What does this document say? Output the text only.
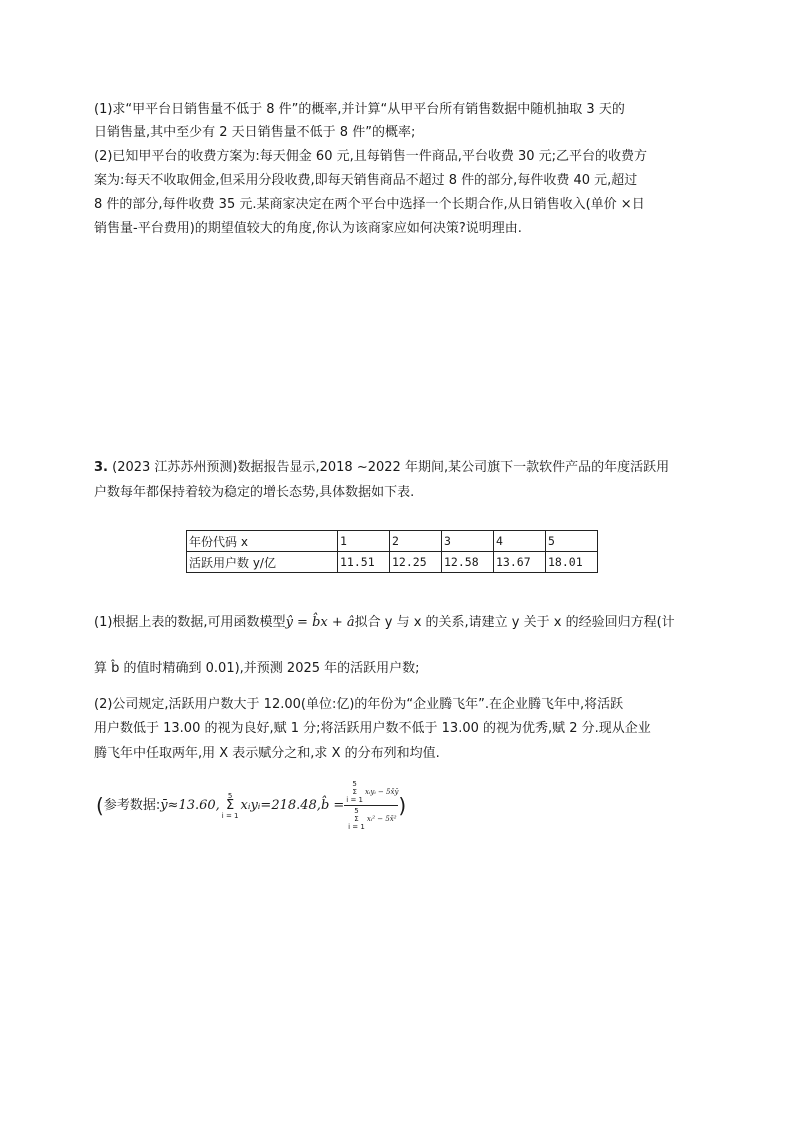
(1)求“甲平台日销售量不低于 8 件”的概率,并计算“从甲平台所有销售数据中随机抽取 3 天的
日销售量,其中至少有 2 天日销售量不低于 8 件”的概率;
(2)已知甲平台的收费方案为:每天佣金 60 元,且每销售一件商品,平台收费 30 元;乙平台的收费方
案为:每天不收取佣金,但采用分段收费,即每天销售商品不超过 8 件的部分,每件收费 40 元,超过
8 件的部分,每件收费 35 元.某商家决定在两个平台中选择一个长期合作,从日销售收入(单价 ×日
销售量-平台费用)的期望值较大的角度,你认为该商家应如何决策?说明理由.
3. (2023 江苏苏州预测)数据报告显示,2018 ~2022 年期间,某公司旗下一款软件产品的年度活跃用
户数每年都保持着较为稳定的增长态势,具体数据如下表.
年份代码 x	1	2	3	4	5
活跃用户数 y/亿	11.51	12.25	12.58	13.67	18.01
(1)根据上表的数据,可用函数模型ŷ = b̂x + â拟合 y 与 x 的关系,请建立 y 关于 x 的经验回归方程(计
算 b̂ 的值时精确到 0.01),并预测 2025 年的活跃用户数;
(2)公司规定,活跃用户数大于 12.00(单位:亿)的年份为“企业腾飞年”.在企业腾飞年中,将活跃
用户数低于 13.00 的视为良好,赋 1 分;将活跃用户数不低于 13.00 的视为优秀,赋 2 分.现从企业
腾飞年中任取两年,用 X 表示赋分之和,求 X 的分布列和均值.
(参考数据:ȳ≈13.60,5
Σ
i = 1xᵢyᵢ=218.48,b̂ =5
Σ
i = 1xᵢyᵢ − 5x̄ȳ
5
Σ
i = 1xᵢ² − 5x̄²)
